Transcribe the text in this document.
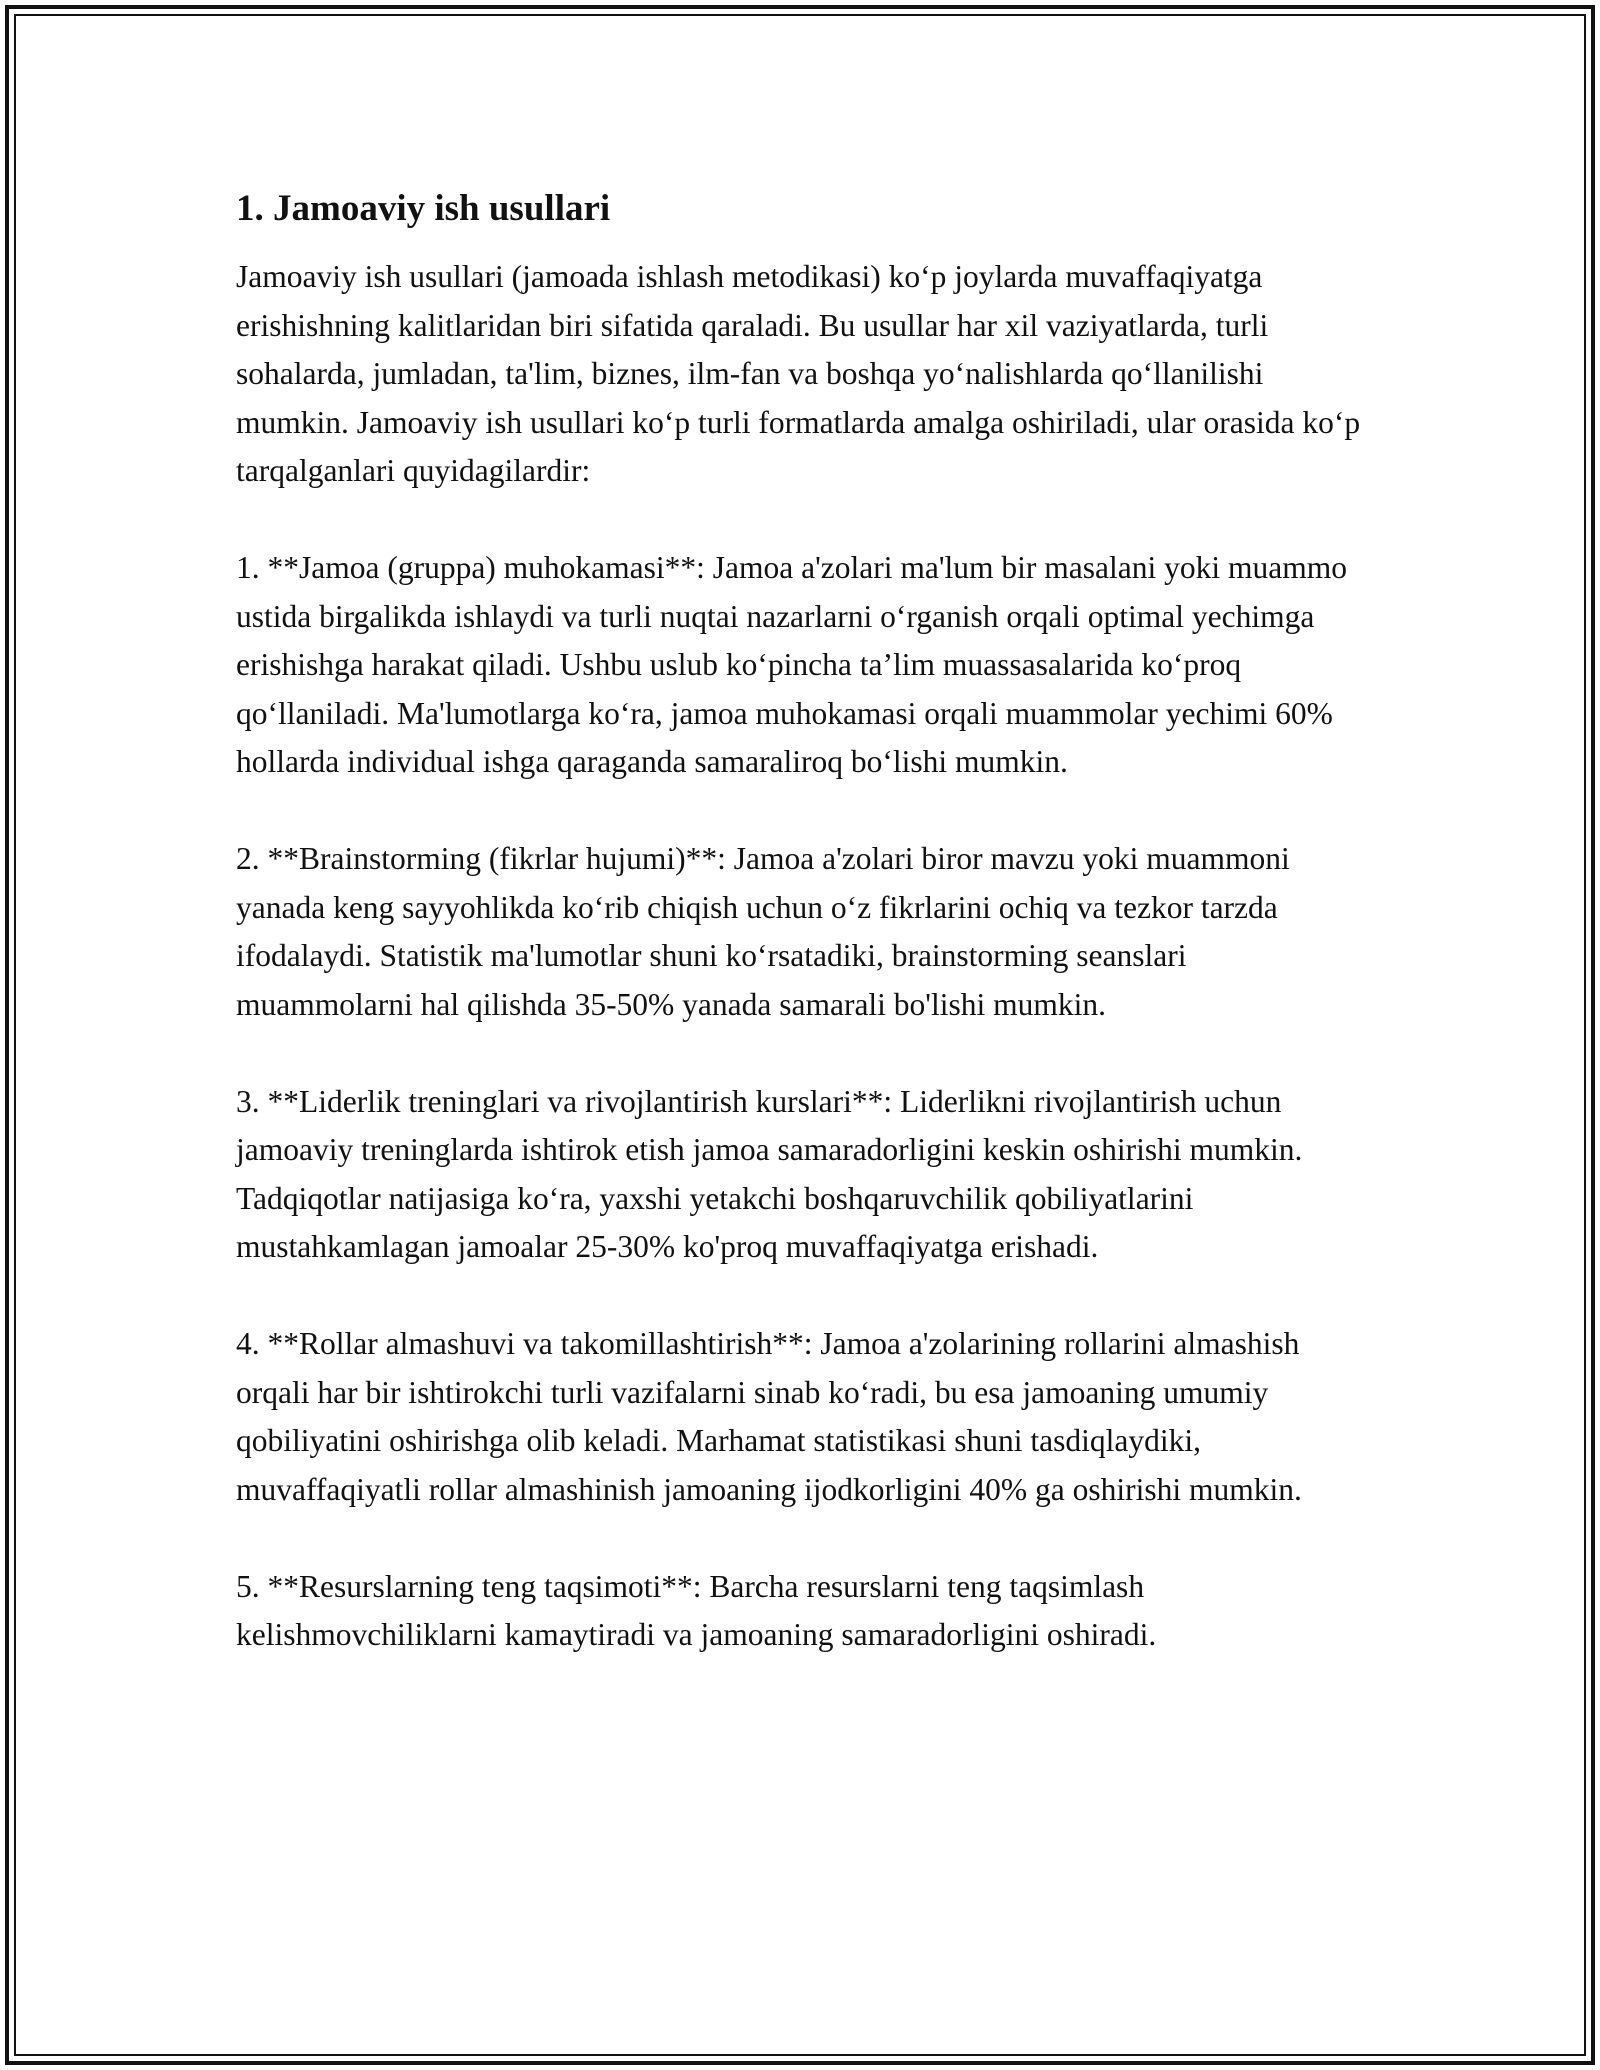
1. Jamoaviy ish usullari

Jamoaviy ish usullari (jamoada ishlash metodikasi) ko‘p joylarda muvaffaqiyatga erishishning kalitlaridan biri sifatida qaraladi. Bu usullar har xil vaziyatlarda, turli sohalarda, jumladan, ta'lim, biznes, ilm-fan va boshqa yo‘nalishlarda qo‘llanilishi mumkin. Jamoaviy ish usullari ko‘p turli formatlarda amalga oshiriladi, ular orasida ko‘p tarqalganlari quyidagilardir:

1. **Jamoa (gruppa) muhokamasi**: Jamoa a'zolari ma'lum bir masalani yoki muammo ustida birgalikda ishlaydi va turli nuqtai nazarlarni o‘rganish orqali optimal yechimga erishishga harakat qiladi. Ushbu uslub ko‘pincha ta’lim muassasalarida ko‘proq qo‘llaniladi. Ma'lumotlarga ko‘ra, jamoa muhokamasi orqali muammolar yechimi 60% hollarda individual ishga qaraganda samaraliroq bo‘lishi mumkin.

2. **Brainstorming (fikrlar hujumi)**: Jamoa a'zolari biror mavzu yoki muammoni yanada keng sayyohlikda ko‘rib chiqish uchun o‘z fikrlarini ochiq va tezkor tarzda ifodalaydi. Statistik ma'lumotlar shuni ko‘rsatadiki, brainstorming seanslari muammolarni hal qilishda 35-50% yanada samarali bo'lishi mumkin.

3. **Liderlik treninglari va rivojlantirish kurslari**: Liderlikni rivojlantirish uchun jamoaviy treninglarda ishtirok etish jamoa samaradorligini keskin oshirishi mumkin. Tadqiqotlar natijasiga ko‘ra, yaxshi yetakchi boshqaruvchilik qobiliyatlarini mustahkamlagan jamoalar 25-30% ko'proq muvaffaqiyatga erishadi.

4. **Rollar almashuvi va takomillashtirish**: Jamoa a'zolarining rollarini almashish orqali har bir ishtirokchi turli vazifalarni sinab ko‘radi, bu esa jamoaning umumiy qobiliyatini oshirishga olib keladi. Marhamat statistikasi shuni tasdiqlaydiki, muvaffaqiyatli rollar almashinish jamoaning ijodkorligini 40% ga oshirishi mumkin.

5. **Resurslarning teng taqsimoti**: Barcha resurslarni teng taqsimlash kelishmovchiliklarni kamaytiradi va jamoaning samaradorligini oshiradi.
